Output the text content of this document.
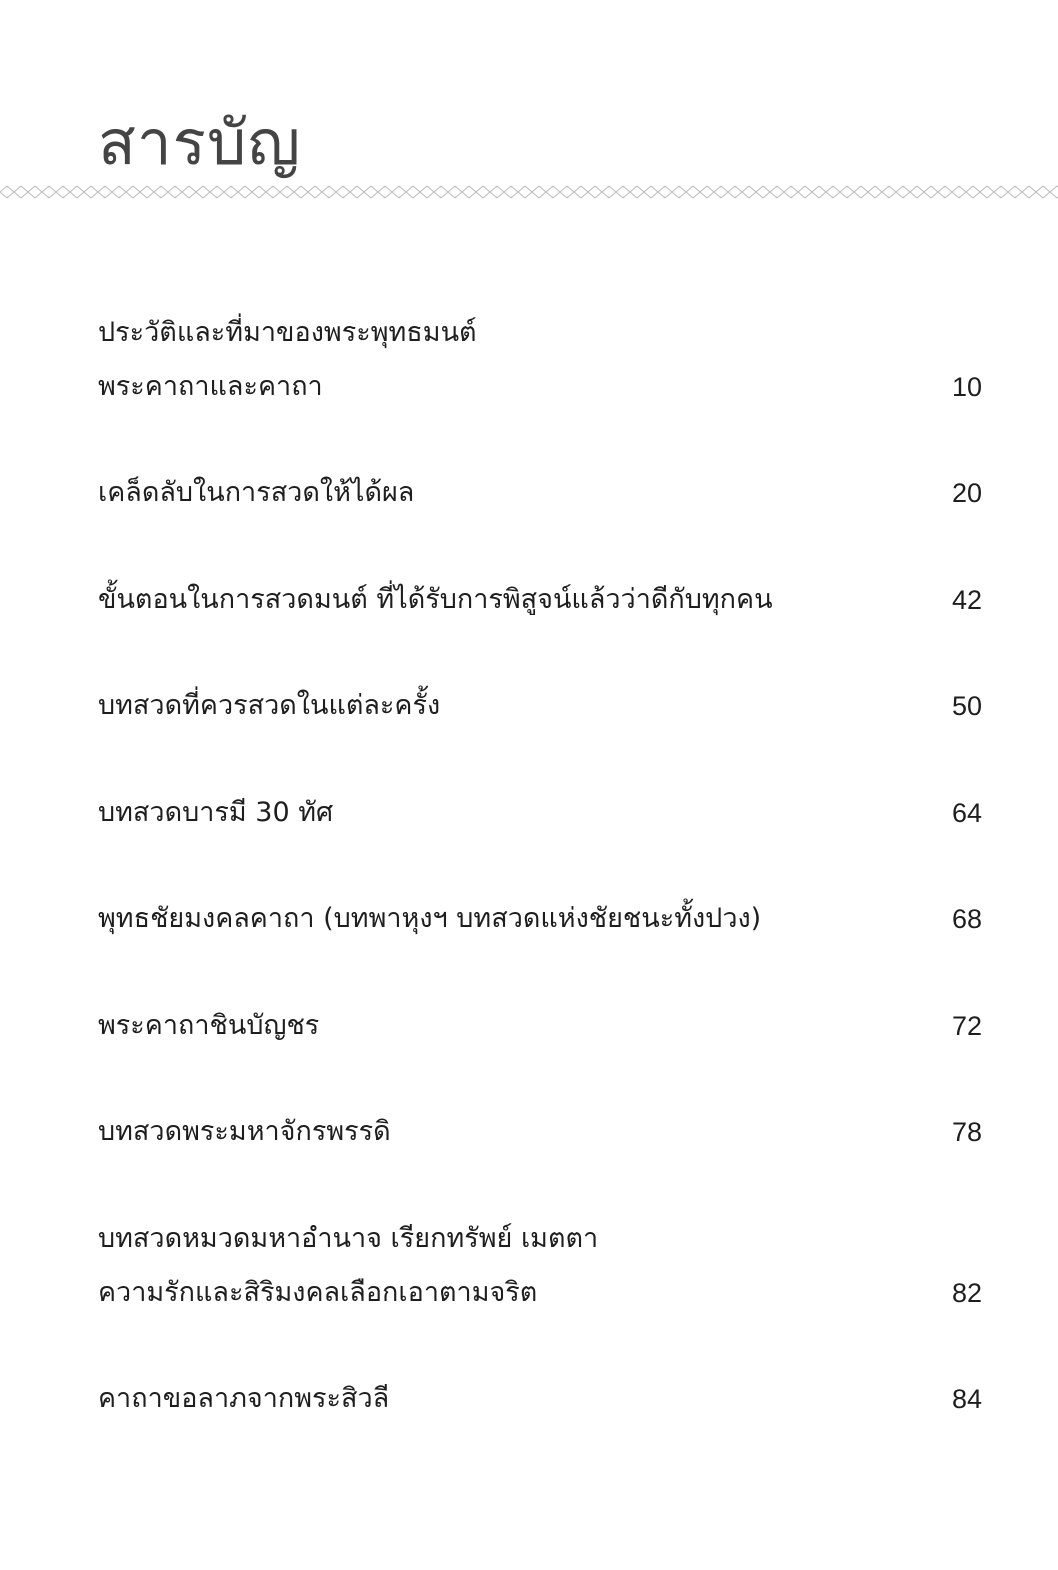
สารบัญ
ประวัติและที่มาของพระพุทธมนต์
พระคาถาและคาถา	10
เคล็ดลับในการสวดให้ได้ผล	20
ขั้นตอนในการสวดมนต์ ที่ได้รับการพิสูจน์แล้วว่าดีกับทุกคน	42
บทสวดที่ควรสวดในแต่ละครั้ง	50
บทสวดบารมี 30 ทัศ	64
พุทธชัยมงคลคาถา (บทพาหุงฯ บทสวดแห่งชัยชนะทั้งปวง)	68
พระคาถาชินบัญชร	72
บทสวดพระมหาจักรพรรดิ	78
บทสวดหมวดมหาอำนาจ เรียกทรัพย์ เมตตา
ความรักและสิริมงคลเลือกเอาตามจริต	82
คาถาขอลาภจากพระสิวลี	84
